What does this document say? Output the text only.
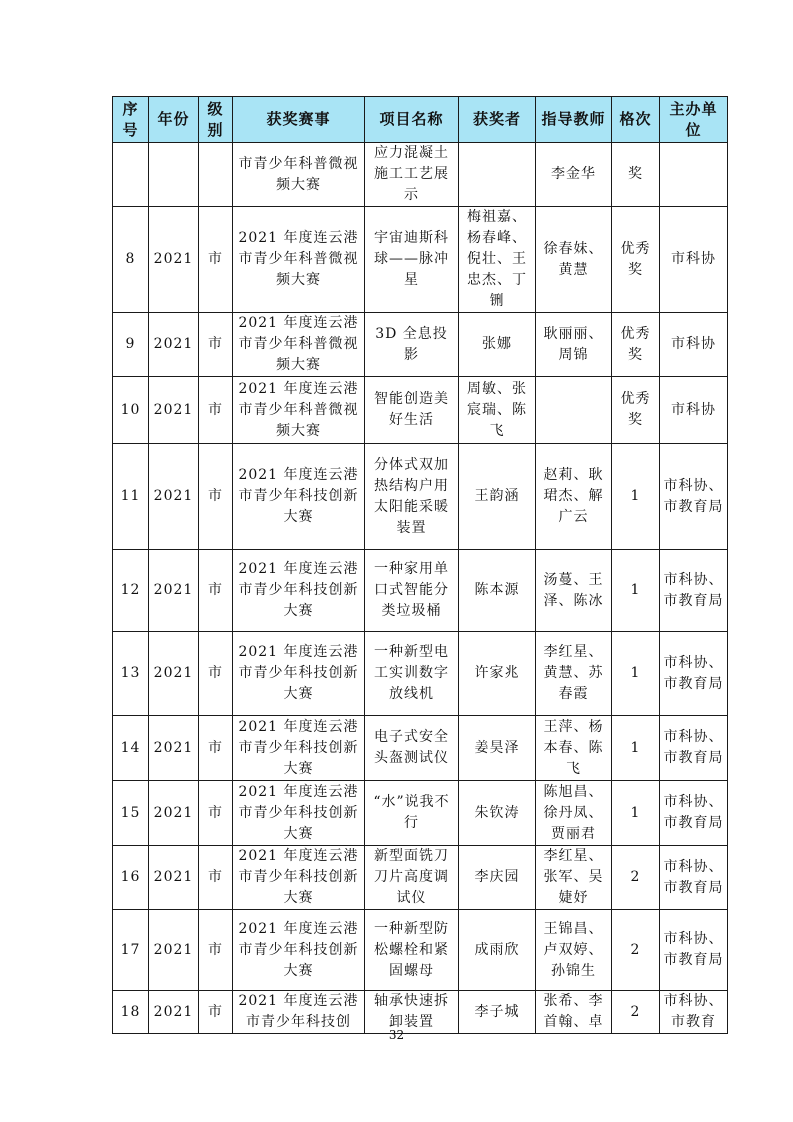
序号	年份	级别	获奖赛事	项目名称	获奖者	指导教师	格次	主办单位
			市青少年科普微视频大赛	应力混凝土施工工艺展示		李金华	奖	
8	2021	市	2021 年度连云港市青少年科普微视频大赛	宇宙迪斯科球——脉冲星	梅祖嘉、杨春峰、倪壮、王忠杰、丁铏	徐春妹、黄慧	优秀奖	市科协
9	2021	市	2021 年度连云港市青少年科普微视频大赛	3D 全息投影	张娜	耿丽丽、周锦	优秀奖	市科协
10	2021	市	2021 年度连云港市青少年科普微视频大赛	智能创造美好生活	周敏、张宸瑞、陈飞		优秀奖	市科协
11	2021	市	2021 年度连云港市青少年科技创新大赛	分体式双加热结构户用太阳能采暖装置	王韵涵	赵莉、耿珺杰、解广云	1	市科协、市教育局
12	2021	市	2021 年度连云港市青少年科技创新大赛	一种家用单口式智能分类垃圾桶	陈本源	汤蔓、王泽、陈冰	1	市科协、市教育局
13	2021	市	2021 年度连云港市青少年科技创新大赛	一种新型电工实训数字放线机	许家兆	李红星、黄慧、苏春霞	1	市科协、市教育局
14	2021	市	2021 年度连云港市青少年科技创新大赛	电子式安全头盔测试仪	姜昊泽	王萍、杨本春、陈飞	1	市科协、市教育局
15	2021	市	2021 年度连云港市青少年科技创新大赛	“水”说我不行	朱钦涛	陈旭昌、徐丹凤、贾丽君	1	市科协、市教育局
16	2021	市	2021 年度连云港市青少年科技创新大赛	新型面铣刀刀片高度调试仪	李庆园	李红星、张军、吴婕妤	2	市科协、市教育局
17	2021	市	2021 年度连云港市青少年科技创新大赛	一种新型防松螺栓和紧固螺母	成雨欣	王锦昌、卢双婷、孙锦生	2	市科协、市教育局
18	2021	市	2021 年度连云港市青少年科技创	轴承快速拆卸装置	李子城	张希、李首翰、卓	2	市科协、市教育
32
